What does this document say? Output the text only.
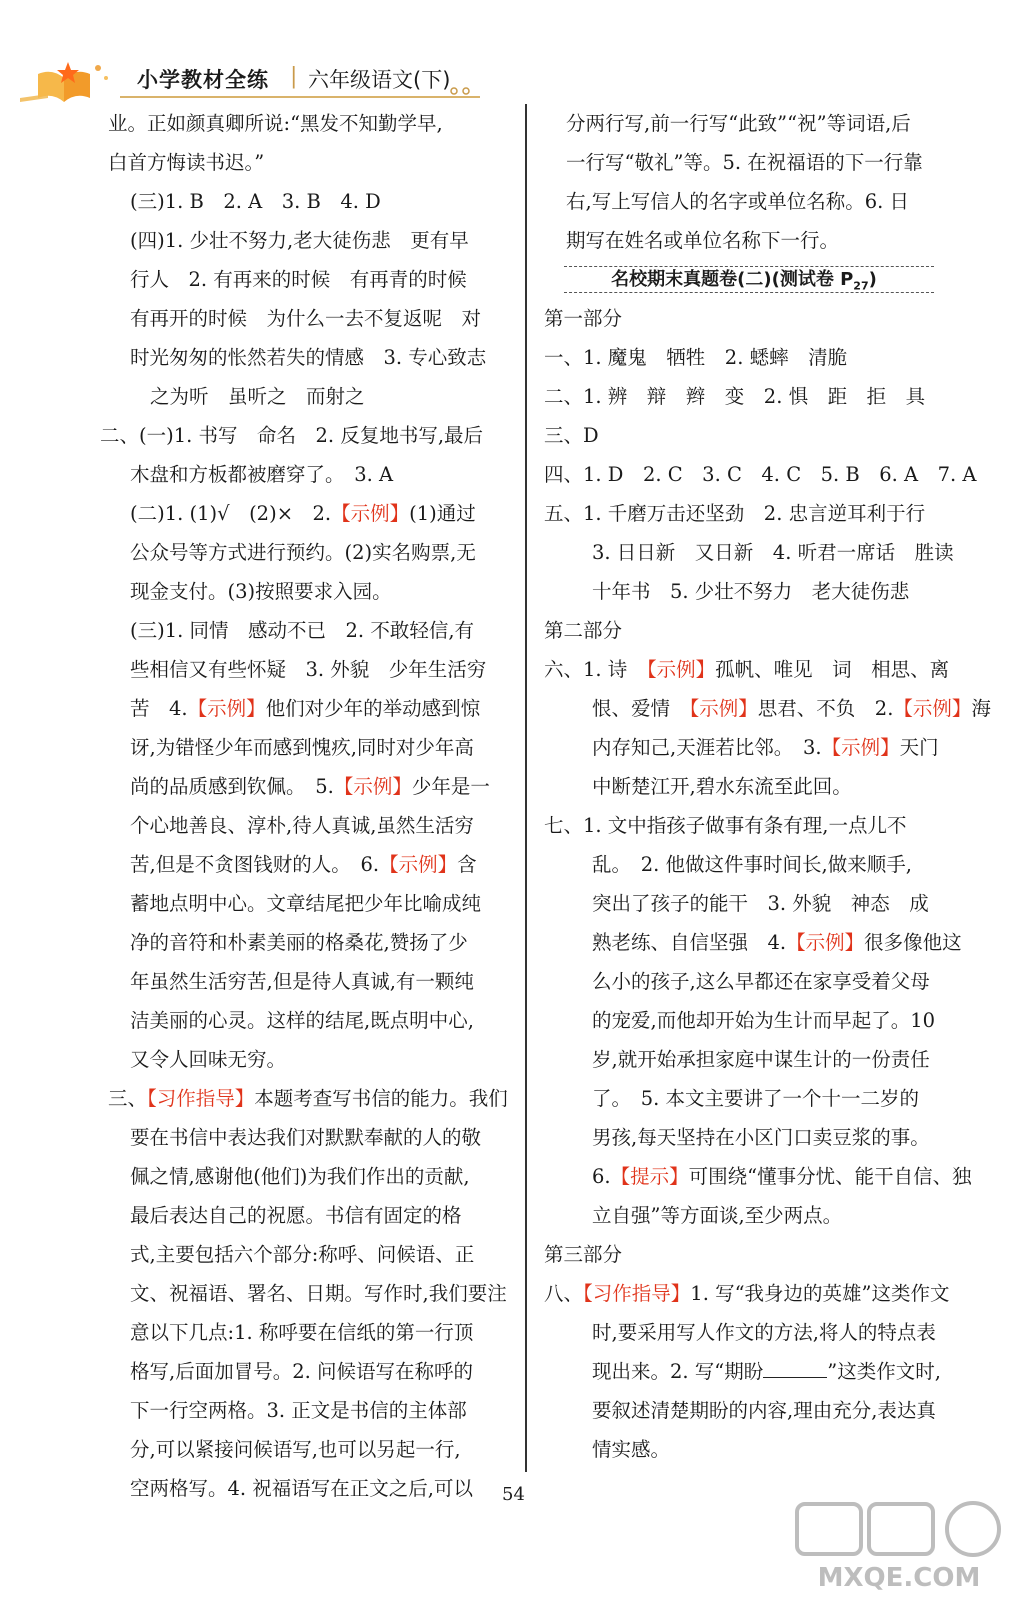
小学教材全练 | 六年级语文(下)
业。正如颜真卿所说:“黑发不知勤学早,
白首方悔读书迟。”
(三)1. B　2. A　3. B　4. D
(四)1. 少壮不努力,老大徒伤悲　更有早
行人　2. 有再来的时候　有再青的时候
有再开的时候　为什么一去不复返呢　对
时光匆匆的怅然若失的情感　3. 专心致志
之为听　虽听之　而射之
二、(一)1. 书写　命名　2. 反复地书写,最后
木盘和方板都被磨穿了。　3. A
(二)1. (1)√　(2)×　2.【示例】(1)通过
公众号等方式进行预约。(2)实名购票,无
现金支付。(3)按照要求入园。
(三)1. 同情　感动不已　2. 不敢轻信,有
些相信又有些怀疑　3. 外貌　少年生活穷
苦　4.【示例】他们对少年的举动感到惊
讶,为错怪少年而感到愧疚,同时对少年高
尚的品质感到钦佩。　5.【示例】少年是一
个心地善良、淳朴,待人真诚,虽然生活穷
苦,但是不贪图钱财的人。　6.【示例】含
蓄地点明中心。文章结尾把少年比喻成纯
净的音符和朴素美丽的格桑花,赞扬了少
年虽然生活穷苦,但是待人真诚,有一颗纯
洁美丽的心灵。这样的结尾,既点明中心,
又令人回味无穷。
三、【习作指导】本题考查写书信的能力。我们
要在书信中表达我们对默默奉献的人的敬
佩之情,感谢他(他们)为我们作出的贡献,
最后表达自己的祝愿。书信有固定的格
式,主要包括六个部分:称呼、问候语、正
文、祝福语、署名、日期。写作时,我们要注
意以下几点:1. 称呼要在信纸的第一行顶
格写,后面加冒号。2. 问候语写在称呼的
下一行空两格。3. 正文是书信的主体部
分,可以紧接问候语写,也可以另起一行,
空两格写。4. 祝福语写在正文之后,可以
分两行写,前一行写“此致”“祝”等词语,后
一行写“敬礼”等。5. 在祝福语的下一行靠
右,写上写信人的名字或单位名称。6. 日
期写在姓名或单位名称下一行。
名校期末真题卷(二)(测试卷 $P_{27}$)
第一部分
一、1. 魔鬼　牺牲　2. 蟋蟀　清脆
二、1. 辨　辩　辫　变　2. 惧　距　拒　具
三、D
四、1. D　2. C　3. C　4. C　5. B　6. A　7. A
五、1. 千磨万击还坚劲　2. 忠言逆耳利于行
3. 日日新　又日新　4. 听君一席话　胜读
十年书　5. 少壮不努力　老大徒伤悲
第二部分
六、1. 诗　【示例】孤帆、唯见　词　相思、离
恨、爱情　【示例】思君、不负　2.【示例】海
内存知己,天涯若比邻。　3.【示例】天门
中断楚江开,碧水东流至此回。
七、1. 文中指孩子做事有条有理,一点儿不
乱。　2. 他做这件事时间长,做来顺手,
突出了孩子的能干　3. 外貌　神态　成
熟老练、自信坚强　4.【示例】很多像他这
么小的孩子,这么早都还在家享受着父母
的宠爱,而他却开始为生计而早起了。10
岁,就开始承担家庭中谋生计的一份责任
了。　5. 本文主要讲了一个十一二岁的
男孩,每天坚持在小区门口卖豆浆的事。
6.【提示】可围绕“懂事分忧、能干自信、独
立自强”等方面谈,至少两点。
第三部分
八、【习作指导】1. 写“我身边的英雄”这类作文
时,要采用写人作文的方法,将人的特点表
现出来。2. 写“期盼	”这类作文时,
要叙述清楚期盼的内容,理由充分,表达真
情实感。
54
MXQE.COM
